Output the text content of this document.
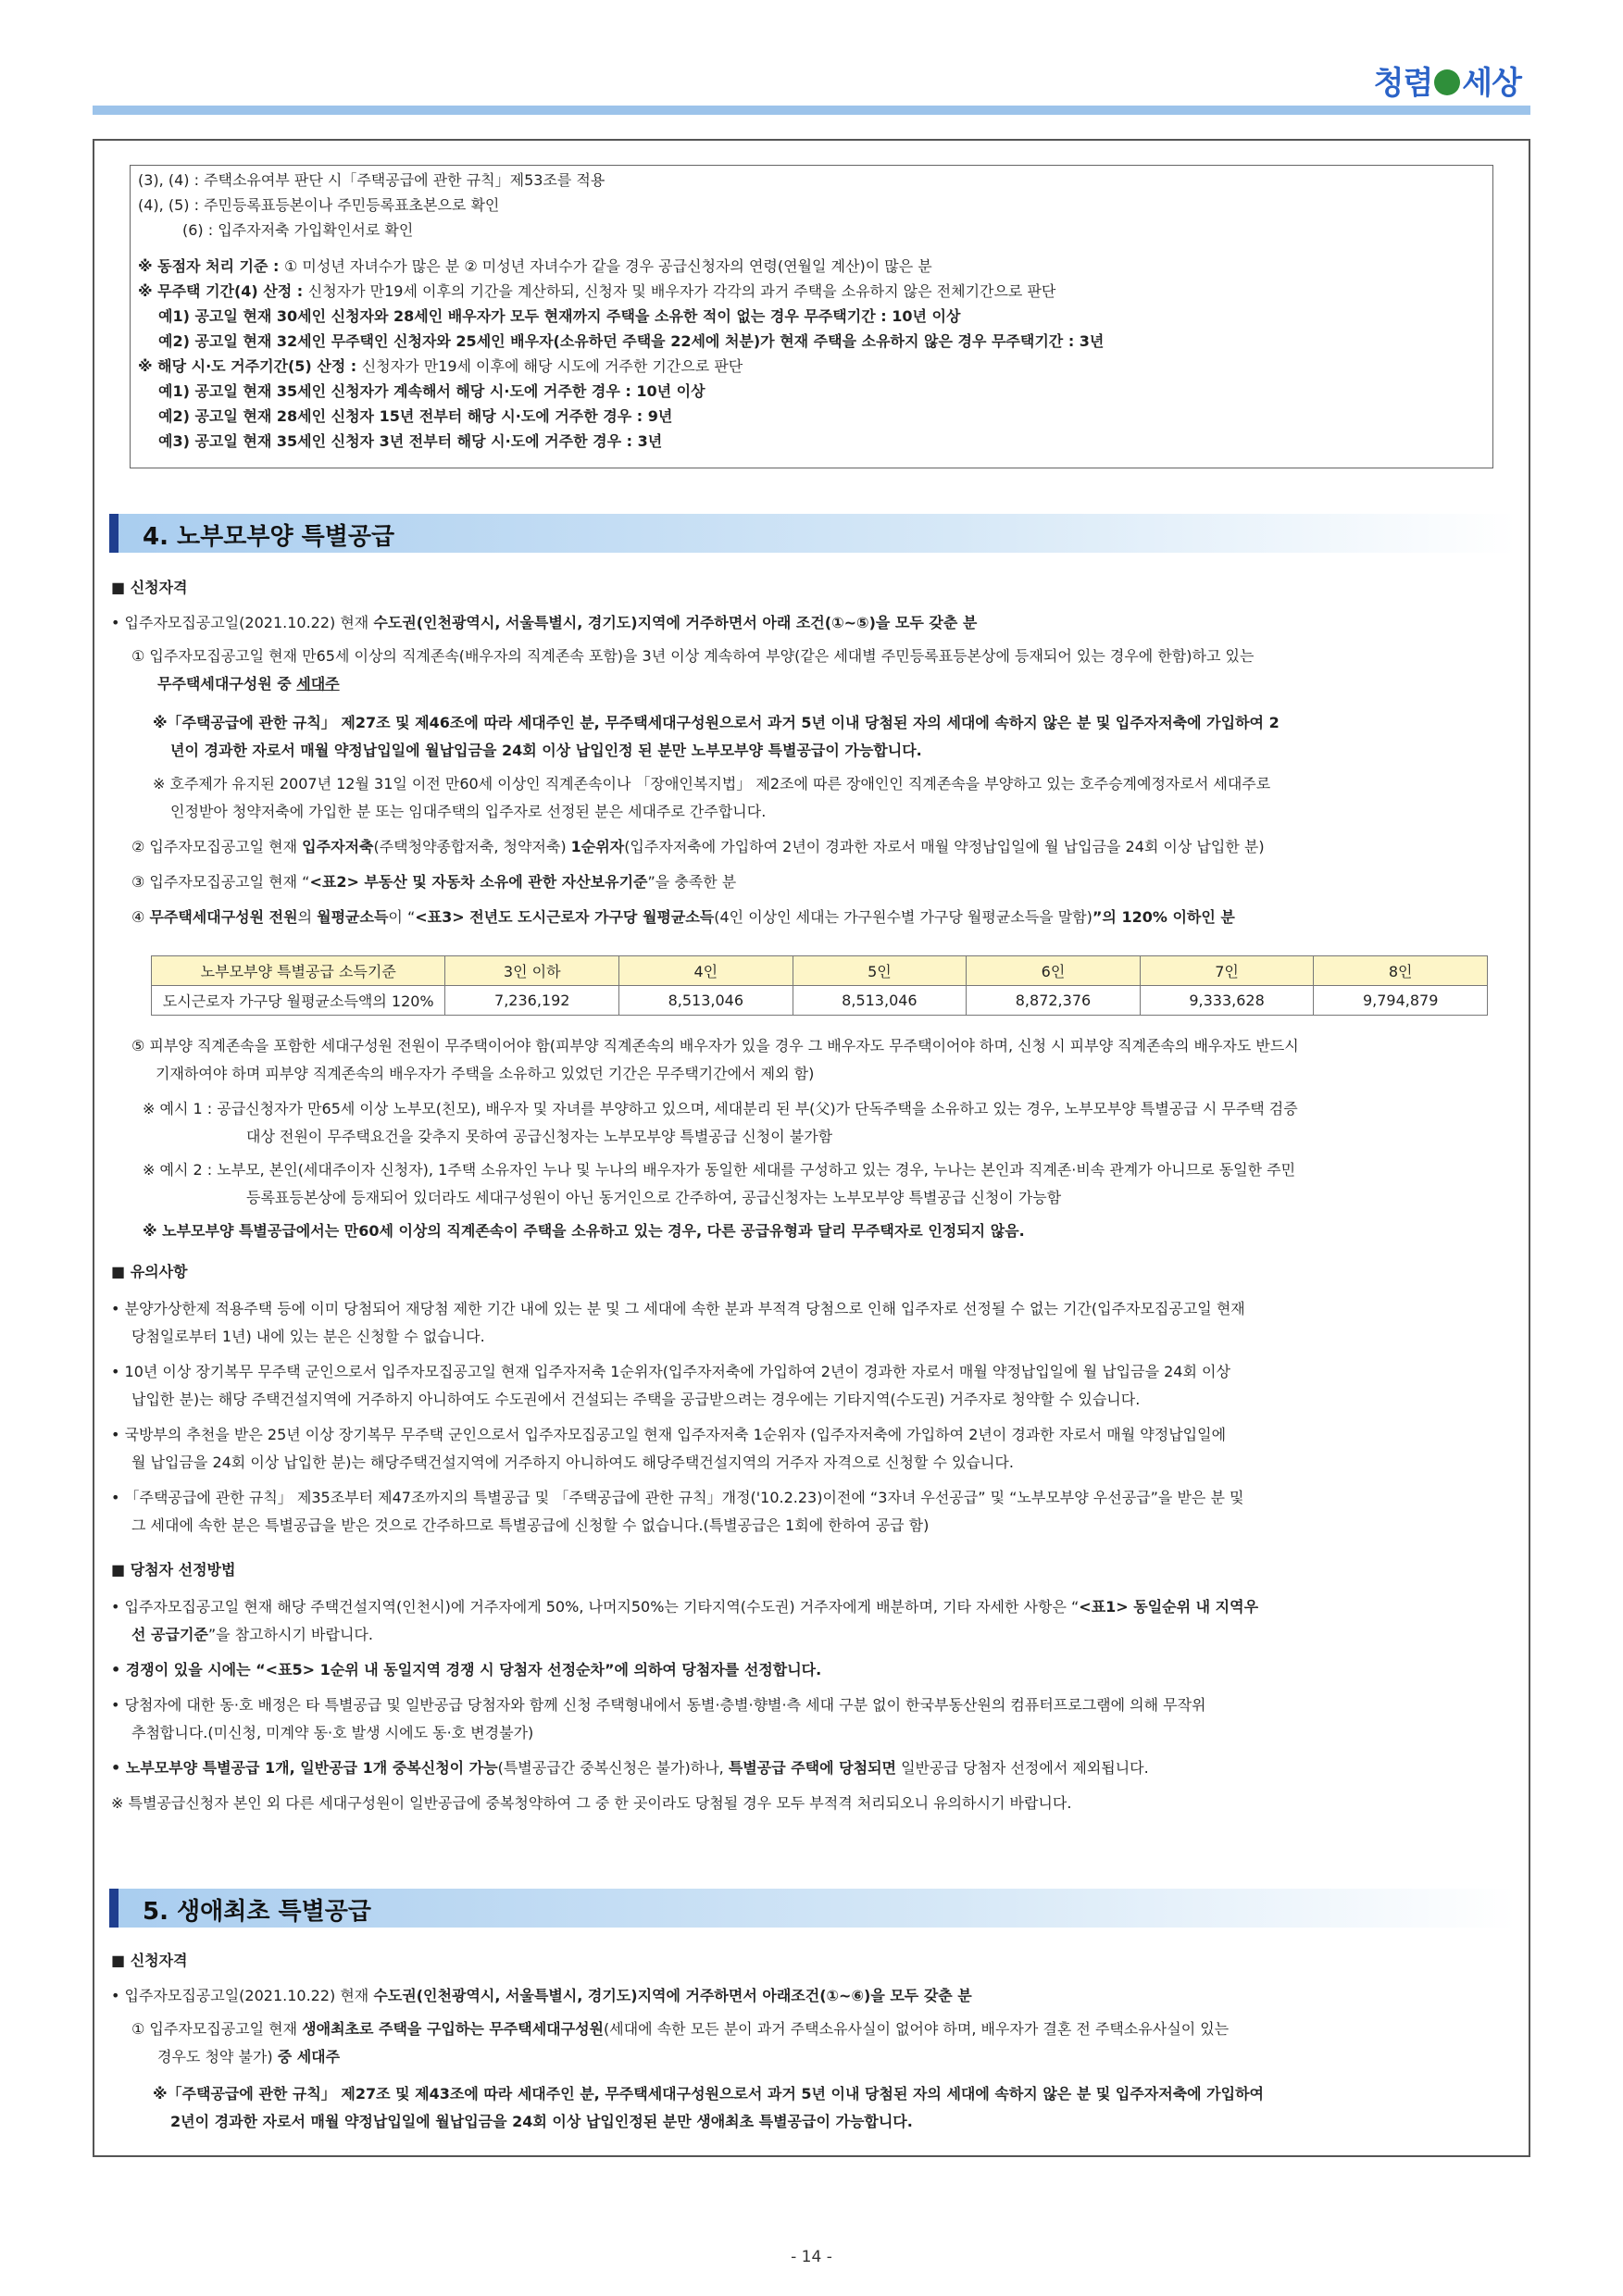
청렴 세상
(3), (4) : 주택소유여부 판단 시「주택공급에 관한 규칙」제53조를 적용
(4), (5) : 주민등록표등본이나 주민등록표초본으로 확인
(6) : 입주자저축 가입확인서로 확인
※ 동점자 처리 기준 : ① 미성년 자녀수가 많은 분 ② 미성년 자녀수가 같을 경우 공급신청자의 연령(연월일 계산)이 많은 분
※ 무주택 기간(4) 산정 : 신청자가 만19세 이후의 기간을 계산하되, 신청자 및 배우자가 각각의 과거 주택을 소유하지 않은 전체기간으로 판단
예1) 공고일 현재 30세인 신청자와 28세인 배우자가 모두 현재까지 주택을 소유한 적이 없는 경우 무주택기간 : 10년 이상
예2) 공고일 현재 32세인 무주택인 신청자와 25세인 배우자(소유하던 주택을 22세에 처분)가 현재 주택을 소유하지 않은 경우 무주택기간 : 3년
※ 해당 시·도 거주기간(5) 산정 : 신청자가 만19세 이후에 해당 시도에 거주한 기간으로 판단
예1) 공고일 현재 35세인 신청자가 계속해서 해당 시·도에 거주한 경우 : 10년 이상
예2) 공고일 현재 28세인 신청자 15년 전부터 해당 시·도에 거주한 경우 : 9년
예3) 공고일 현재 35세인 신청자 3년 전부터 해당 시·도에 거주한 경우 : 3년
4. 노부모부양 특별공급

■ 신청자격

• 입주자모집공고일(2021.10.22) 현재 수도권(인천광역시, 서울특별시, 경기도)지역에 거주하면서 아래 조건(①~⑤)을 모두 갖춘 분

① 입주자모집공고일 현재 만65세 이상의 직계존속(배우자의 직계존속 포함)을 3년 이상 계속하여 부양(같은 세대별 주민등록표등본상에 등재되어 있는 경우에 한함)하고 있는

무주택세대구성원 중 세대주

※「주택공급에 관한 규칙」 제27조 및 제46조에 따라 세대주인 분, 무주택세대구성원으로서 과거 5년 이내 당첨된 자의 세대에 속하지 않은 분 및 입주자저축에 가입하여 2

년이 경과한 자로서 매월 약정납입일에 월납입금을 24회 이상 납입인정 된 분만 노부모부양 특별공급이 가능합니다.

※ 호주제가 유지된 2007년 12월 31일 이전 만60세 이상인 직계존속이나 「장애인복지법」 제2조에 따른 장애인인 직계존속을 부양하고 있는 호주승계예정자로서 세대주로

인정받아 청약저축에 가입한 분 또는 임대주택의 입주자로 선정된 분은 세대주로 간주합니다.

② 입주자모집공고일 현재 입주자저축(주택청약종합저축, 청약저축) 1순위자(입주자저축에 가입하여 2년이 경과한 자로서 매월 약정납입일에 월 납입금을 24회 이상 납입한 분)

③ 입주자모집공고일 현재 “<표2> 부동산 및 자동차 소유에 관한 자산보유기준”을 충족한 분

④ 무주택세대구성원 전원의 월평균소득이 “<표3> 전년도 도시근로자 가구당 월평균소득(4인 이상인 세대는 가구원수별 가구당 월평균소득을 말함)”의 120% 이하인 분

노부모부양 특별공급 소득기준	3인 이하	4인	5인	6인	7인	8인
도시근로자 가구당 월평균소득액의 120%	7,236,192	8,513,046	8,513,046	8,872,376	9,333,628	9,794,879

⑤ 피부양 직계존속을 포함한 세대구성원 전원이 무주택이어야 함(피부양 직계존속의 배우자가 있을 경우 그 배우자도 무주택이어야 하며, 신청 시 피부양 직계존속의 배우자도 반드시

기재하여야 하며 피부양 직계존속의 배우자가 주택을 소유하고 있었던 기간은 무주택기간에서 제외 함)

※ 예시 1 : 공급신청자가 만65세 이상 노부모(친모), 배우자 및 자녀를 부양하고 있으며, 세대분리 된 부(父)가 단독주택을 소유하고 있는 경우, 노부모부양 특별공급 시 무주택 검증

대상 전원이 무주택요건을 갖추지 못하여 공급신청자는 노부모부양 특별공급 신청이 불가함

※ 예시 2 : 노부모, 본인(세대주이자 신청자), 1주택 소유자인 누나 및 누나의 배우자가 동일한 세대를 구성하고 있는 경우, 누나는 본인과 직계존·비속 관계가 아니므로 동일한 주민

등록표등본상에 등재되어 있더라도 세대구성원이 아닌 동거인으로 간주하여, 공급신청자는 노부모부양 특별공급 신청이 가능함

※ 노부모부양 특별공급에서는 만60세 이상의 직계존속이 주택을 소유하고 있는 경우, 다른 공급유형과 달리 무주택자로 인정되지 않음.

■ 유의사항

• 분양가상한제 적용주택 등에 이미 당첨되어 재당첨 제한 기간 내에 있는 분 및 그 세대에 속한 분과 부적격 당첨으로 인해 입주자로 선정될 수 없는 기간(입주자모집공고일 현재

당첨일로부터 1년) 내에 있는 분은 신청할 수 없습니다.

• 10년 이상 장기복무 무주택 군인으로서 입주자모집공고일 현재 입주자저축 1순위자(입주자저축에 가입하여 2년이 경과한 자로서 매월 약정납입일에 월 납입금을 24회 이상

납입한 분)는 해당 주택건설지역에 거주하지 아니하여도 수도권에서 건설되는 주택을 공급받으려는 경우에는 기타지역(수도권) 거주자로 청약할 수 있습니다.

• 국방부의 추천을 받은 25년 이상 장기복무 무주택 군인으로서 입주자모집공고일 현재 입주자저축 1순위자 (입주자저축에 가입하여 2년이 경과한 자로서 매월 약정납입일에

월 납입금을 24회 이상 납입한 분)는 해당주택건설지역에 거주하지 아니하여도 해당주택건설지역의 거주자 자격으로 신청할 수 있습니다.

• 「주택공급에 관한 규칙」 제35조부터 제47조까지의 특별공급 및 「주택공급에 관한 규칙」개정('10.2.23)이전에 “3자녀 우선공급” 및 “노부모부양 우선공급”을 받은 분 및

그 세대에 속한 분은 특별공급을 받은 것으로 간주하므로 특별공급에 신청할 수 없습니다.(특별공급은 1회에 한하여 공급 함)

■ 당첨자 선정방법

• 입주자모집공고일 현재 해당 주택건설지역(인천시)에 거주자에게 50%, 나머지50%는 기타지역(수도권) 거주자에게 배분하며, 기타 자세한 사항은 “<표1> 동일순위 내 지역우

선 공급기준”을 참고하시기 바랍니다.

• 경쟁이 있을 시에는 “<표5> 1순위 내 동일지역 경쟁 시 당첨자 선정순차”에 의하여 당첨자를 선정합니다.

• 당첨자에 대한 동·호 배정은 타 특별공급 및 일반공급 당첨자와 함께 신청 주택형내에서 동별·층별·향별·측 세대 구분 없이 한국부동산원의 컴퓨터프로그램에 의해 무작위

추첨합니다.(미신청, 미계약 동·호 발생 시에도 동·호 변경불가)

• 노부모부양 특별공급 1개, 일반공급 1개 중복신청이 가능(특별공급간 중복신청은 불가)하나, 특별공급 주택에 당첨되면 일반공급 당첨자 선정에서 제외됩니다.

※ 특별공급신청자 본인 외 다른 세대구성원이 일반공급에 중복청약하여 그 중 한 곳이라도 당첨될 경우 모두 부적격 처리되오니 유의하시기 바랍니다.

5. 생애최초 특별공급

■ 신청자격

• 입주자모집공고일(2021.10.22) 현재 수도권(인천광역시, 서울특별시, 경기도)지역에 거주하면서 아래조건(①~⑥)을 모두 갖춘 분

① 입주자모집공고일 현재 생애최초로 주택을 구입하는 무주택세대구성원(세대에 속한 모든 분이 과거 주택소유사실이 없어야 하며, 배우자가 결혼 전 주택소유사실이 있는

경우도 청약 불가) 중 세대주

※「주택공급에 관한 규칙」 제27조 및 제43조에 따라 세대주인 분, 무주택세대구성원으로서 과거 5년 이내 당첨된 자의 세대에 속하지 않은 분 및 입주자저축에 가입하여

2년이 경과한 자로서 매월 약정납입일에 월납입금을 24회 이상 납입인정된 분만 생애최초 특별공급이 가능합니다.

- 14 -
